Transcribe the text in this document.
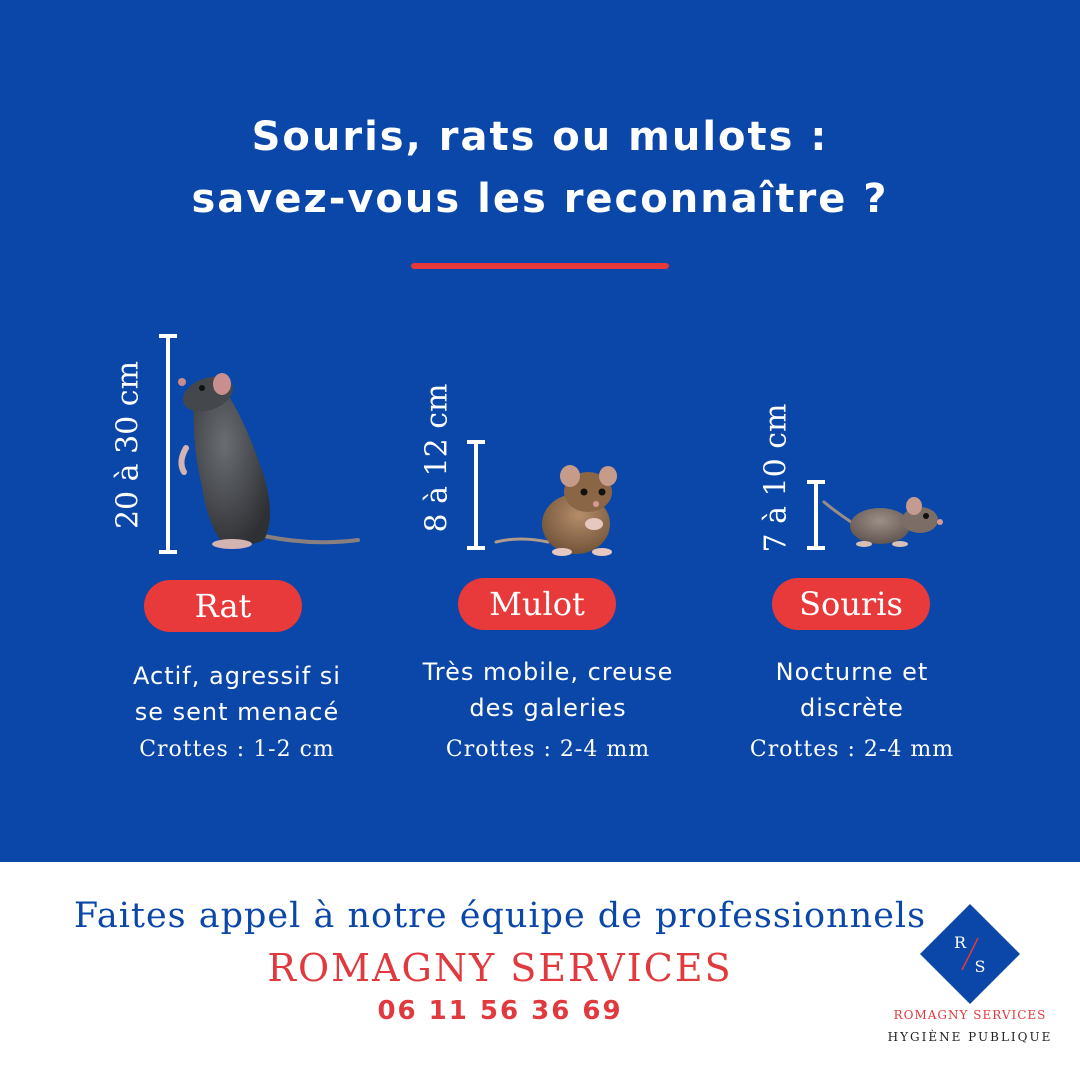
Souris, rats ou mulots :
savez-vous les reconnaître ?
20 à 30 cm
Rat
Actif, agressif si
se sent menacé
Crottes : 1-2 cm
8 à 12 cm
Mulot
Très mobile, creuse
des galeries
Crottes : 2-4 mm
7 à 10 cm
Souris
Nocturne et
discrète
Crottes : 2-4 mm
Faites appel à notre équipe de professionnels
ROMAGNY SERVICES
06 11 56 36 69
R
S
ROMAGNY SERVICES
HYGIÈNE PUBLIQUE
